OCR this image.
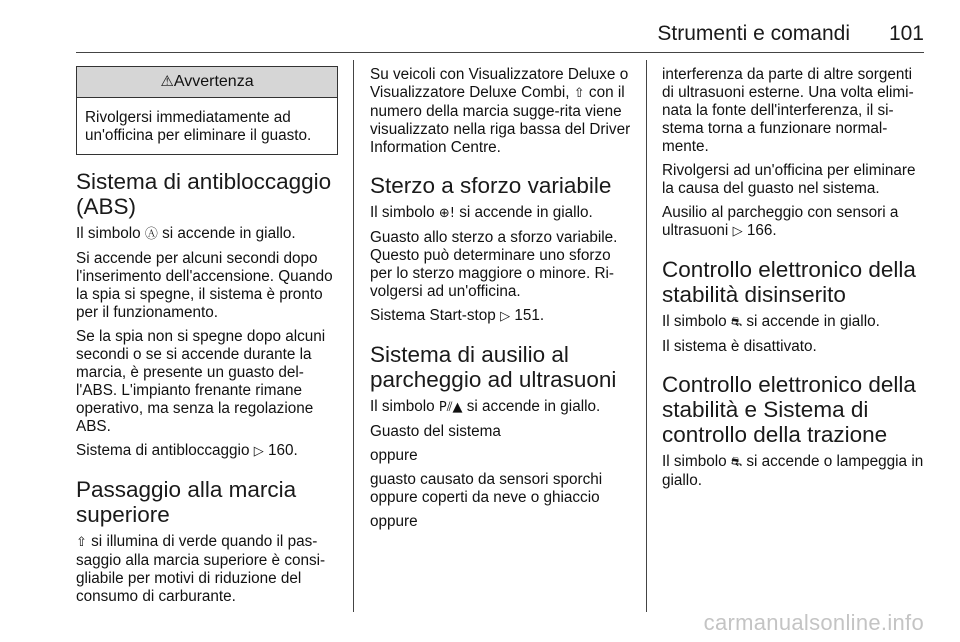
Strumenti e comandi 101
⚠Avvertenza

Rivolgersi immediatamente ad un'officina per eliminare il guasto.

Sistema di antibloccaggio (ABS)

Il simbolo Ⓐ si accende in giallo.

Si accende per alcuni secondi dopo l'inserimento dell'accensione. Quando la spia si spegne, il sistema è pronto per il funzionamento.

Se la spia non si spegne dopo alcuni secondi o se si accende durante la marcia, è presente un guasto del-l'ABS. L'impianto frenante rimane operativo, ma senza la regolazione ABS.

Sistema di antibloccaggio ▷ 160.

Passaggio alla marcia superiore

⇧ si illumina di verde quando il pas-saggio alla marcia superiore è consi-gliabile per motivi di riduzione del consumo di carburante.

Su veicoli con Visualizzatore Deluxe o Visualizzatore Deluxe Combi, ⇧ con il numero della marcia sugge-rita viene visualizzato nella riga bassa del Driver Information Centre.

Sterzo a sforzo variabile

Il simbolo ⊕! si accende in giallo.

Guasto allo sterzo a sforzo variabile. Questo può determinare uno sforzo per lo sterzo maggiore o minore. Ri-volgersi ad un'officina.

Sistema Start-stop ▷ 151.

Sistema di ausilio al parcheggio ad ultrasuoni

Il simbolo P⫽▲ si accende in giallo.

Guasto del sistema

oppure

guasto causato da sensori sporchi oppure coperti da neve o ghiaccio

oppure

interferenza da parte di altre sorgenti di ultrasuoni esterne. Una volta elimi-nata la fonte dell'interferenza, il si-stema torna a funzionare normal-mente.

Rivolgersi ad un'officina per eliminare la causa del guasto nel sistema.

Ausilio al parcheggio con sensori a ultrasuoni ▷ 166.

Controllo elettronico della stabilità disinserito

Il simbolo ⛐ si accende in giallo.

Il sistema è disattivato.

Controllo elettronico della stabilità e Sistema di controllo della trazione

Il simbolo ⛐ si accende o lampeggia in giallo.

carmanualsonline.info
